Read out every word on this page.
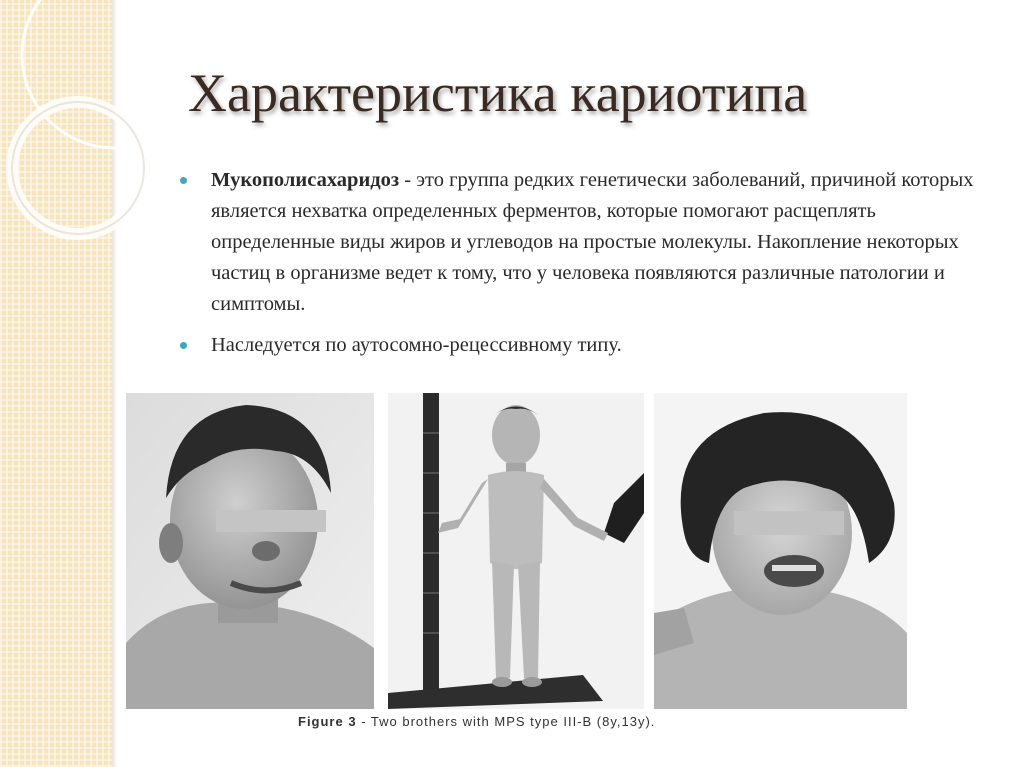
Характеристика кариотипа
Мукополисахаридоз - это группа редких генетически заболеваний, причиной которых является нехватка определенных ферментов, которые помогают расщеплять определенные виды жиров и углеводов на простые молекулы. Накопление некоторых частиц в организме ведет к тому, что у человека появляются различные патологии и симптомы.
Наследуется по аутосомно-рецессивному типу.
Figure 3 - Two brothers with MPS type III-B (8y,13y).
